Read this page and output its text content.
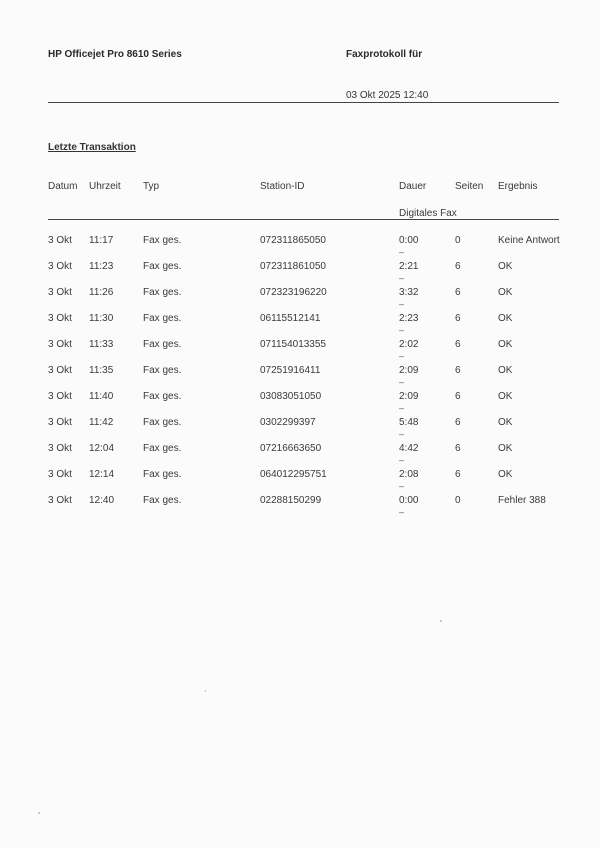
HP Officejet Pro 8610 Series	Faxprotokoll für
03 Okt 2025 12:40
Letzte Transaktion
Datum Uhrzeit Typ	Station-ID	Dauer	Seiten Ergebnis
Digitales Fax
3 Okt 11:17	Fax ges.	072311865050	0:00	0	Keine Antwort
–
3 Okt 11:23	Fax ges.	072311861050	2:21	6	OK
–
3 Okt 11:26	Fax ges.	072323196220	3:32	6	OK
–
3 Okt 11:30	Fax ges.	06115512141	2:23	6	OK
–
3 Okt 11:33	Fax ges.	071154013355	2:02	6	OK
–
3 Okt 11:35	Fax ges.	07251916411	2:09	6	OK
–
3 Okt 11:40	Fax ges.	03083051050	2:09	6	OK
–
3 Okt 11:42	Fax ges.	0302299397	5:48	6	OK
–
3 Okt 12:04	Fax ges.	07216663650	4:42	6	OK
–
3 Okt 12:14	Fax ges.	064012295751	2:08	6	OK
–
3 Okt 12:40	Fax ges.	02288150299	0:00	0	Fehler 388
–
